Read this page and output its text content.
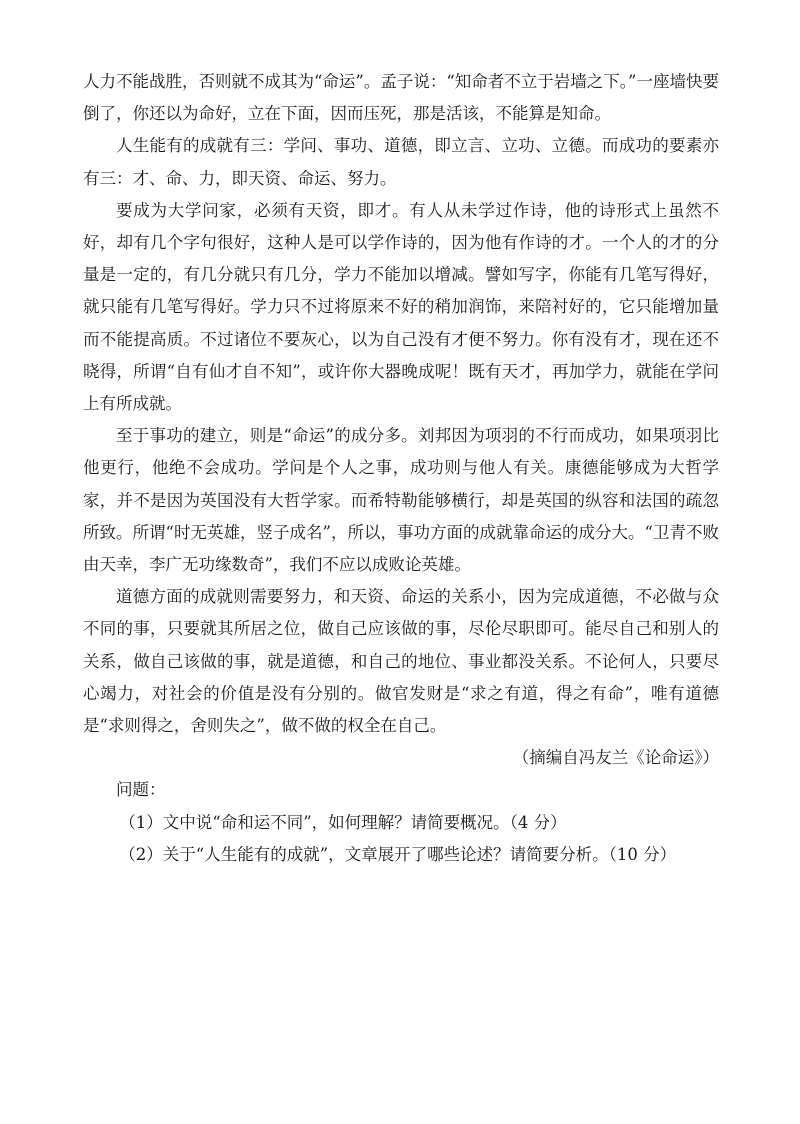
人力不能战胜，否则就不成其为“命运”。孟子说：“知命者不立于岩墙之下。”一座墙快要倒了，你还以为命好，立在下面，因而压死，那是活该，不能算是知命。

人生能有的成就有三：学问、事功、道德，即立言、立功、立德。而成功的要素亦有三：才、命、力，即天资、命运、努力。

要成为大学问家，必须有天资，即才。有人从未学过作诗，他的诗形式上虽然不好，却有几个字句很好，这种人是可以学作诗的，因为他有作诗的才。一个人的才的分量是一定的，有几分就只有几分，学力不能加以增减。譬如写字，你能有几笔写得好，就只能有几笔写得好。学力只不过将原来不好的稍加润饰，来陪衬好的，它只能增加量而不能提高质。不过诸位不要灰心，以为自己没有才便不努力。你有没有才，现在还不晓得，所谓“自有仙才自不知”，或许你大器晚成呢！既有天才，再加学力，就能在学问上有所成就。

至于事功的建立，则是“命运”的成分多。刘邦因为项羽的不行而成功，如果项羽比他更行，他绝不会成功。学问是个人之事，成功则与他人有关。康德能够成为大哲学家，并不是因为英国没有大哲学家。而希特勒能够横行，却是英国的纵容和法国的疏忽所致。所谓“时无英雄，竖子成名”，所以，事功方面的成就靠命运的成分大。“卫青不败由天幸，李广无功缘数奇”，我们不应以成败论英雄。

道德方面的成就则需要努力，和天资、命运的关系小，因为完成道德，不必做与众不同的事，只要就其所居之位，做自己应该做的事，尽伦尽职即可。能尽自己和别人的关系，做自己该做的事，就是道德，和自己的地位、事业都没关系。不论何人，只要尽心竭力，对社会的价值是没有分别的。做官发财是“求之有道，得之有命”，唯有道德是“求则得之，舍则失之”，做不做的权全在自己。

（摘编自冯友兰《论命运》）

问题：

（1）文中说“命和运不同”，如何理解？请简要概况。（4 分）

（2）关于“人生能有的成就”，文章展开了哪些论述？请简要分析。（10 分）
